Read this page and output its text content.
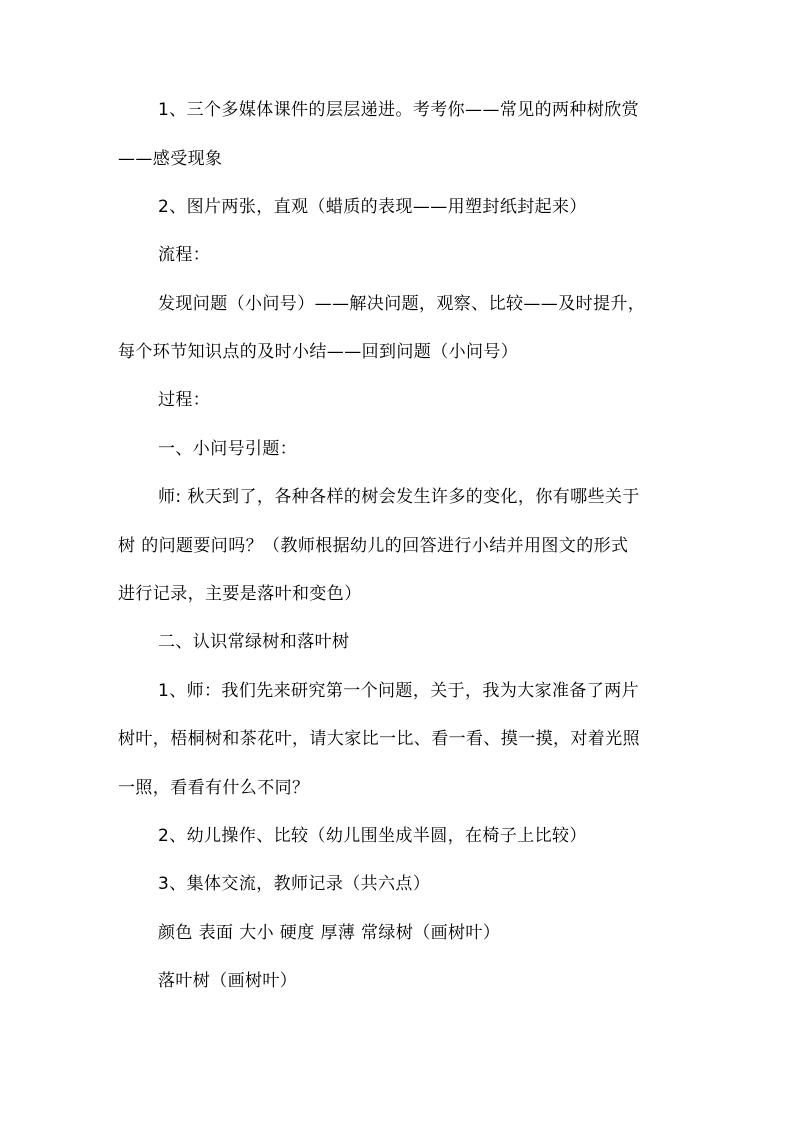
1、三个多媒体课件的层层递进。考考你——常见的两种树欣赏
——感受现象
2、图片两张，直观（蜡质的表现——用塑封纸封起来）
流程：
发现问题（小问号）——解决问题，观察、比较——及时提升，
每个环节知识点的及时小结——回到问题（小问号）
过程：
一、小问号引题：
师: 秋天到了，各种各样的树会发生许多的变化，你有哪些关于
树 的问题要问吗？（教师根据幼儿的回答进行小结并用图文的形式
进行记录，主要是落叶和变色）
二、认识常绿树和落叶树
1、师：我们先来研究第一个问题，关于，我为大家准备了两片
树叶，梧桐树和茶花叶，请大家比一比、看一看、摸一摸，对着光照
一照，看看有什么不同？
2、幼儿操作、比较（幼儿围坐成半圆，在椅子上比较）
3、集体交流，教师记录（共六点）
颜色 表面 大小 硬度 厚薄 常绿树（画树叶）
落叶树（画树叶）
